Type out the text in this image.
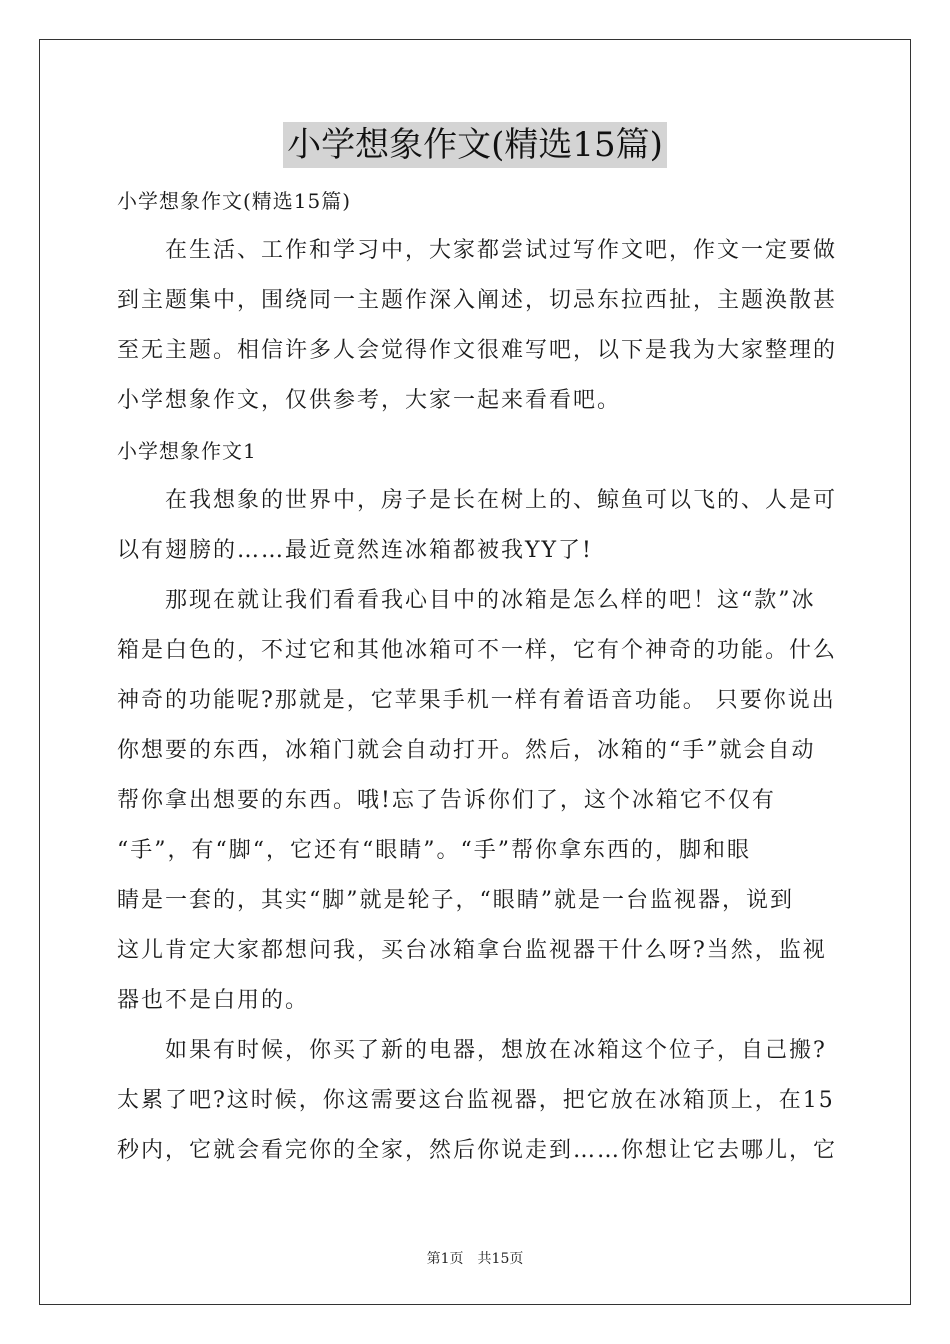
小学想象作文(精选15篇)
小学想象作文(精选15篇)
在生活、工作和学习中，大家都尝试过写作文吧，作文一定要做
到主题集中，围绕同一主题作深入阐述，切忌东拉西扯，主题涣散甚
至无主题。相信许多人会觉得作文很难写吧，以下是我为大家整理的
小学想象作文，仅供参考，大家一起来看看吧。
小学想象作文1
在我想象的世界中，房子是长在树上的、鲸鱼可以飞的、人是可
以有翅膀的……最近竟然连冰箱都被我YY了!
那现在就让我们看看我心目中的冰箱是怎么样的吧！这“款”冰
箱是白色的，不过它和其他冰箱可不一样，它有个神奇的功能。什么
神奇的功能呢?那就是，它苹果手机一样有着语音功能。 只要你说出
你想要的东西，冰箱门就会自动打开。然后，冰箱的“手”就会自动
帮你拿出想要的东西。哦!忘了告诉你们了，这个冰箱它不仅有
“手”，有“脚“，它还有“眼睛”。“手”帮你拿东西的，脚和眼
睛是一套的，其实“脚”就是轮子，“眼睛”就是一台监视器，说到
这儿肯定大家都想问我，买台冰箱拿台监视器干什么呀?当然，监视
器也不是白用的。
如果有时候，你买了新的电器，想放在冰箱这个位子，自己搬?
太累了吧?这时候，你这需要这台监视器，把它放在冰箱顶上，在15
秒内，它就会看完你的全家，然后你说走到……你想让它去哪儿，它
第1页　共15页
